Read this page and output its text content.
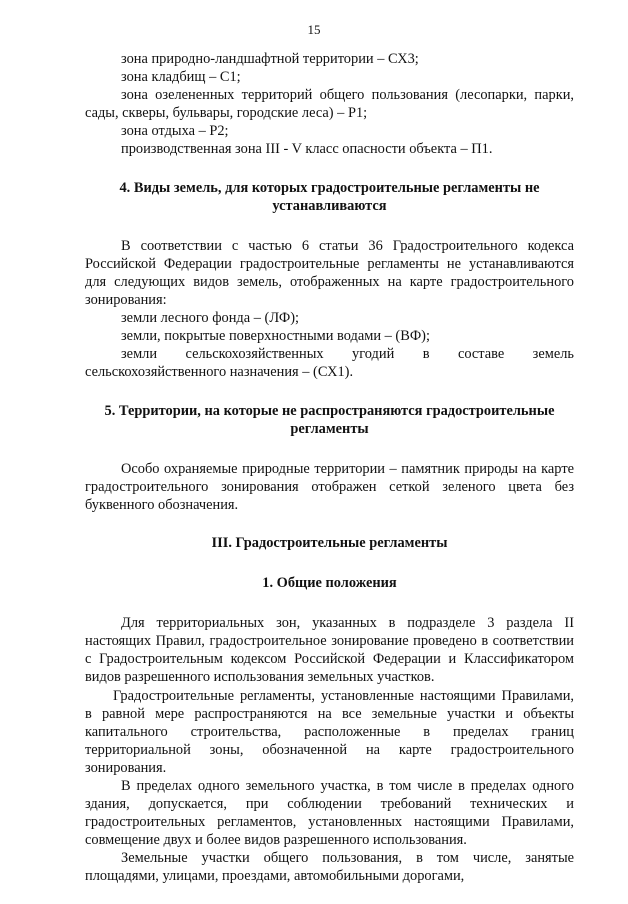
15

зона природно-ландшафтной территории – СХ3;

зона кладбищ – С1;

зона озелененных территорий общего пользования (лесопарки, парки, сады, скверы, бульвары, городские леса) – Р1;

зона отдыха – Р2;

производственная зона III - V класс опасности объекта – П1.

4. Виды земель, для которых градостроительные регламенты не устанавливаются

В соответствии с частью 6 статьи 36 Градостроительного кодекса Российской Федерации градостроительные регламенты не устанавливаются для следующих видов земель, отображенных на карте градостроительного зонирования:

земли лесного фонда – (ЛФ);

земли, покрытые поверхностными водами – (ВФ);

земли сельскохозяйственных угодий в составе земель сельскохозяйственного назначения – (СХ1).

5. Территории, на которые не распространяются градостроительные регламенты

Особо охраняемые природные территории – памятник природы на карте градостроительного зонирования отображен сеткой зеленого цвета без буквенного обозначения.

III. Градостроительные регламенты
1. Общие положения

Для территориальных зон, указанных в подразделе 3 раздела II настоящих Правил, градостроительное зонирование проведено в соответствии с Градостроительным кодексом Российской Федерации и Классификатором видов разрешенного использования земельных участков.

Градостроительные регламенты, установленные настоящими Правилами, в равной мере распространяются на все земельные участки и объекты капитального строительства, расположенные в пределах границ территориальной зоны, обозначенной на карте градостроительного зонирования.

В пределах одного земельного участка, в том числе в пределах одного здания, допускается, при соблюдении требований технических и градостроительных регламентов, установленных настоящими Правилами, совмещение двух и более видов разрешенного использования.

Земельные участки общего пользования, в том числе, занятые площадями, улицами, проездами, автомобильными дорогами,
